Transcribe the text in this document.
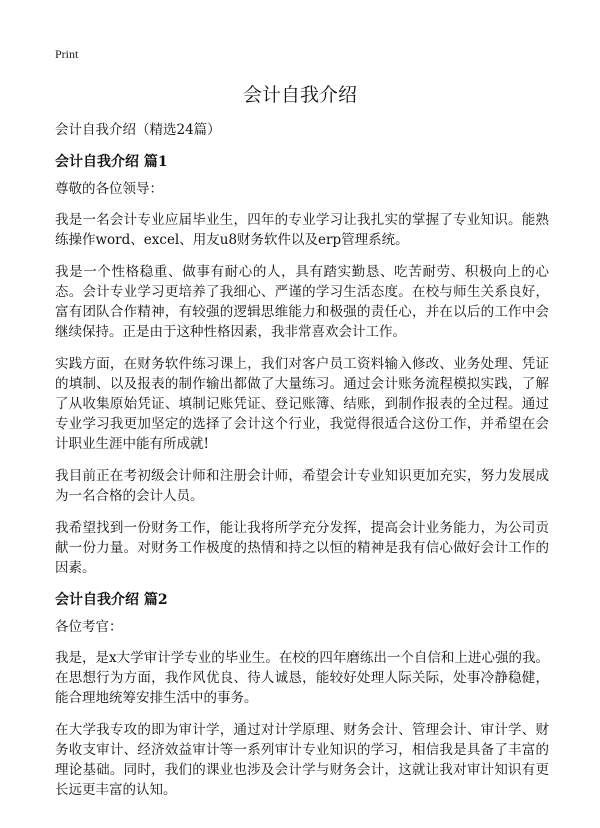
Print
会计自我介绍

会计自我介绍（精选24篇）

会计自我介绍 篇1

尊敬的各位领导：

我是一名会计专业应届毕业生，四年的专业学习让我扎实的掌握了专业知识。能熟练操作word、excel、用友u8财务软件以及erp管理系统。

我是一个性格稳重、做事有耐心的人，具有踏实勤恳、吃苦耐劳、积极向上的心态。会计专业学习更培养了我细心、严谨的学习生活态度。在校与师生关系良好，富有团队合作精神，有较强的逻辑思维能力和极强的责任心，并在以后的工作中会继续保持。正是由于这种性格因素，我非常喜欢会计工作。

实践方面，在财务软件练习课上，我们对客户员工资料输入修改、业务处理、凭证的填制、以及报表的制作输出都做了大量练习。通过会计账务流程模拟实践，了解了从收集原始凭证、填制记账凭证、登记账簿、结账，到制作报表的全过程。通过专业学习我更加坚定的选择了会计这个行业，我觉得很适合这份工作，并希望在会计职业生涯中能有所成就!

我目前正在考初级会计师和注册会计师，希望会计专业知识更加充实，努力发展成为一名合格的会计人员。

我希望找到一份财务工作，能让我将所学充分发挥，提高会计业务能力，为公司贡献一份力量。对财务工作极度的热情和持之以恒的精神是我有信心做好会计工作的因素。

会计自我介绍 篇2

各位考官：

我是，是x大学审计学专业的毕业生。在校的四年磨练出一个自信和上进心强的我。在思想行为方面，我作风优良、待人诚恳，能较好处理人际关际，处事冷静稳健，能合理地统筹安排生活中的事务。

在大学我专攻的即为审计学，通过对计学原理、财务会计、管理会计、审计学、财务收支审计、经济效益审计等一系列审计专业知识的学习，相信我是具备了丰富的理论基础。同时，我们的课业也涉及会计学与财务会计，这就让我对审计知识有更长远更丰富的认知。
